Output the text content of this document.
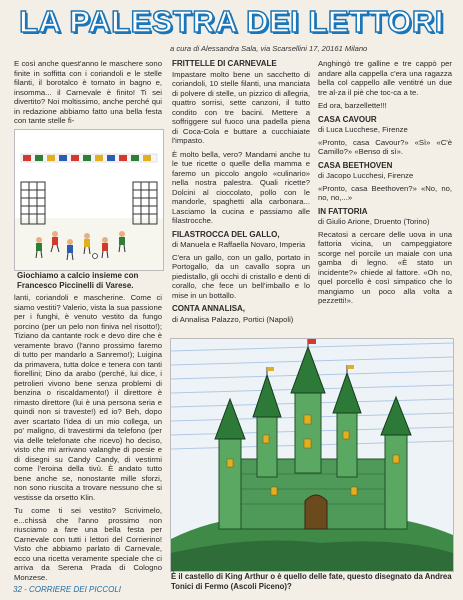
LA PALESTRA DEI LETTORI
a cura di Alessandra Sala, via Scarsellini 17, 20161 Milano

E così anche quest'anno le maschere sono finite in soffitta con i coriandoli e le stelle filanti, il borotalco è tornato in bagno e, insomma... il Carnevale è finito! Ti sei divertito? Noi moltissimo, anche perché qui in redazione abbiamo fatto una bella festa con tante stelle fi-

Giochiamo a calcio insieme con Francesco Piccinelli di Varese.

lanti, coriandoli e mascherine. Come ci siamo vestiti? Valerio, vista la sua passione per i funghi, è venuto vestito da fungo porcino (per un pelo non finiva nel risotto!); Tiziano da cantante rock e devo dire che è veramente bravo (l'anno prossimo faremo di tutto per mandarlo a Sanremo!); Luigina da primavera, tutta dolce e tenera con tanti fiorellini; Dino da arabo (perché, lui dice, i petrolieri vivono bene senza problemi di benzina o riscaldamento!) il direttore è rimasto direttore (lui è una persona seria e quindi non si traveste!) ed io? Beh, dopo aver scartato l'idea di un mio collega, un po' maligno, di travestirmi da telefono (per via delle telefonate che ricevo) ho deciso, visto che mi arrivano valanghe di poesie e di disegni su Candy Candy, di vestirmi come l'eroina della tivù. È andato tutto bene anche se, nonostante mille sforzi, non sono riuscita a trovare nessuno che si vestisse da orsetto Klin.

Tu come ti sei vestito? Scrivimelo, e...chissà che l'anno prossimo non riusciamo a fare una bella festa per Carnevale con tutti i lettori del Corrierino! Visto che abbiamo parlato di Carnevale, ecco una ricetta veramente speciale che ci arriva da Serena Prada di Cologno Monzese.

FRITTELLE DI CARNEVALE

Impastare molto bene un sacchetto di coriandoli, 10 stelle filanti, una manciata di polvere di stelle, un pizzico di allegria, quattro sorrisi, sette canzoni, il tutto condito con tre bacini. Mettere a soffriggere sul fuoco una padella piena di Coca-Cola e buttare a cucchiaiate l'impasto.

È molto bella, vero? Mandami anche tu le tue ricette o quelle della mamma e faremo un piccolo angolo «culinario» nella nostra palestra. Quali ricette? Dolcini al cioccolato, pollo con le mandorle, spaghetti alla carbonara... Lasciamo la cucina e passiamo alle filastrocche.

FILASTROCCA DEL GALLO,
di Manuela e Raffaella Novaro, Imperia

C'era un gallo, con un gallo, portato in Portogallo, da un cavallo sopra un piedistallo, gli occhi di cristallo e denti di corallo, che fece un bell'imballo e lo mise in un bottallo.

CONTA ANNALISA,
di Annalisa Palazzo, Portici (Napoli)

Anghingò tre galline e tre cappò per andare alla cappella c'era una ragazza bella col cappello alle ventitré un due tre al-za il piè che toc-ca a te.

Ed ora, barzellette!!!

CASA CAVOUR
di Luca Lucchese, Firenze

«Pronto, casa Cavour?» «Sì» «C'è Camillo?» «Benso di sì».

CASA BEETHOVEN
di Jacopo Lucchesi, Firenze

«Pronto, casa Beethoven?» «No, no, no, no,...»

IN FATTORIA
di Giulio Arione, Druento (Torino)

Recatosi a cercare delle uova in una fattoria vicina, un campeggiatore scorge nel porcile un maiale con una gamba di legno. «È stato un incidente?» chiede al fattore. «Oh no, quel porcello è così simpatico che lo mangiamo un poco alla volta a pezzetti!».

È il castello di King Arthur o è quello delle fate, questo disegnato da Andrea Tonici di Fermo (Ascoli Piceno)?
32 - CORRIERE DEI PICCOLI
